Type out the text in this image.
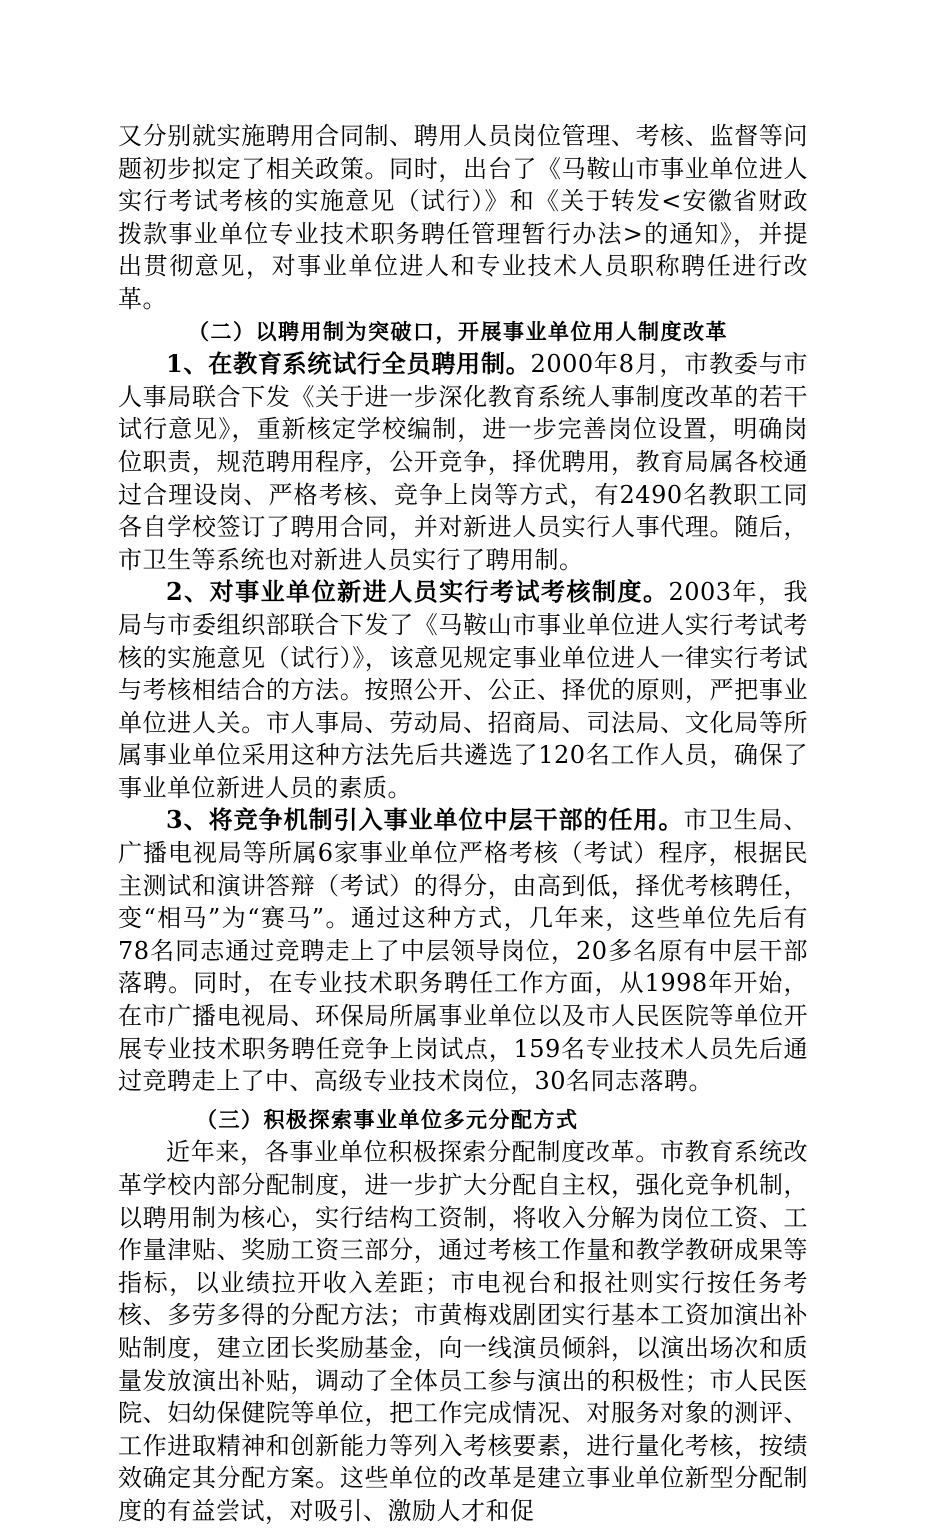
又分别就实施聘用合同制、聘用人员岗位管理、考核、监督等问题初步拟定了相关政策。同时，出台了《马鞍山市事业单位进人实行考试考核的实施意见（试行）》和《关于转发<安徽省财政拨款事业单位专业技术职务聘任管理暂行办法>的通知》，并提出贯彻意见，对事业单位进人和专业技术人员职称聘任进行改革。

（二）以聘用制为突破口，开展事业单位用人制度改革

1、在教育系统试行全员聘用制。2000年8月，市教委与市人事局联合下发《关于进一步深化教育系统人事制度改革的若干试行意见》，重新核定学校编制，进一步完善岗位设置，明确岗位职责，规范聘用程序，公开竞争，择优聘用，教育局属各校通过合理设岗、严格考核、竞争上岗等方式，有2490名教职工同各自学校签订了聘用合同，并对新进人员实行人事代理。随后，市卫生等系统也对新进人员实行了聘用制。

2、对事业单位新进人员实行考试考核制度。2003年，我局与市委组织部联合下发了《马鞍山市事业单位进人实行考试考核的实施意见（试行）》，该意见规定事业单位进人一律实行考试与考核相结合的方法。按照公开、公正、择优的原则，严把事业单位进人关。市人事局、劳动局、招商局、司法局、文化局等所属事业单位采用这种方法先后共遴选了120名工作人员，确保了事业单位新进人员的素质。

3、将竞争机制引入事业单位中层干部的任用。市卫生局、广播电视局等所属6家事业单位严格考核（考试）程序，根据民主测试和演讲答辩（考试）的得分，由高到低，择优考核聘任，变“相马”为“赛马”。通过这种方式，几年来，这些单位先后有78名同志通过竞聘走上了中层领导岗位，20多名原有中层干部落聘。同时，在专业技术职务聘任工作方面，从1998年开始，在市广播电视局、环保局所属事业单位以及市人民医院等单位开展专业技术职务聘任竞争上岗试点，159名专业技术人员先后通过竞聘走上了中、高级专业技术岗位，30名同志落聘。

（三）积极探索事业单位多元分配方式

近年来，各事业单位积极探索分配制度改革。市教育系统改革学校内部分配制度，进一步扩大分配自主权，强化竞争机制，以聘用制为核心，实行结构工资制，将收入分解为岗位工资、工作量津贴、奖励工资三部分，通过考核工作量和教学教研成果等指标，以业绩拉开收入差距；市电视台和报社则实行按任务考核、多劳多得的分配方法；市黄梅戏剧团实行基本工资加演出补贴制度，建立团长奖励基金，向一线演员倾斜，以演出场次和质量发放演出补贴，调动了全体员工参与演出的积极性；市人民医院、妇幼保健院等单位，把工作完成情况、对服务对象的测评、工作进取精神和创新能力等列入考核要素，进行量化考核，按绩效确定其分配方案。这些单位的改革是建立事业单位新型分配制度的有益尝试，对吸引、激励人才和促
